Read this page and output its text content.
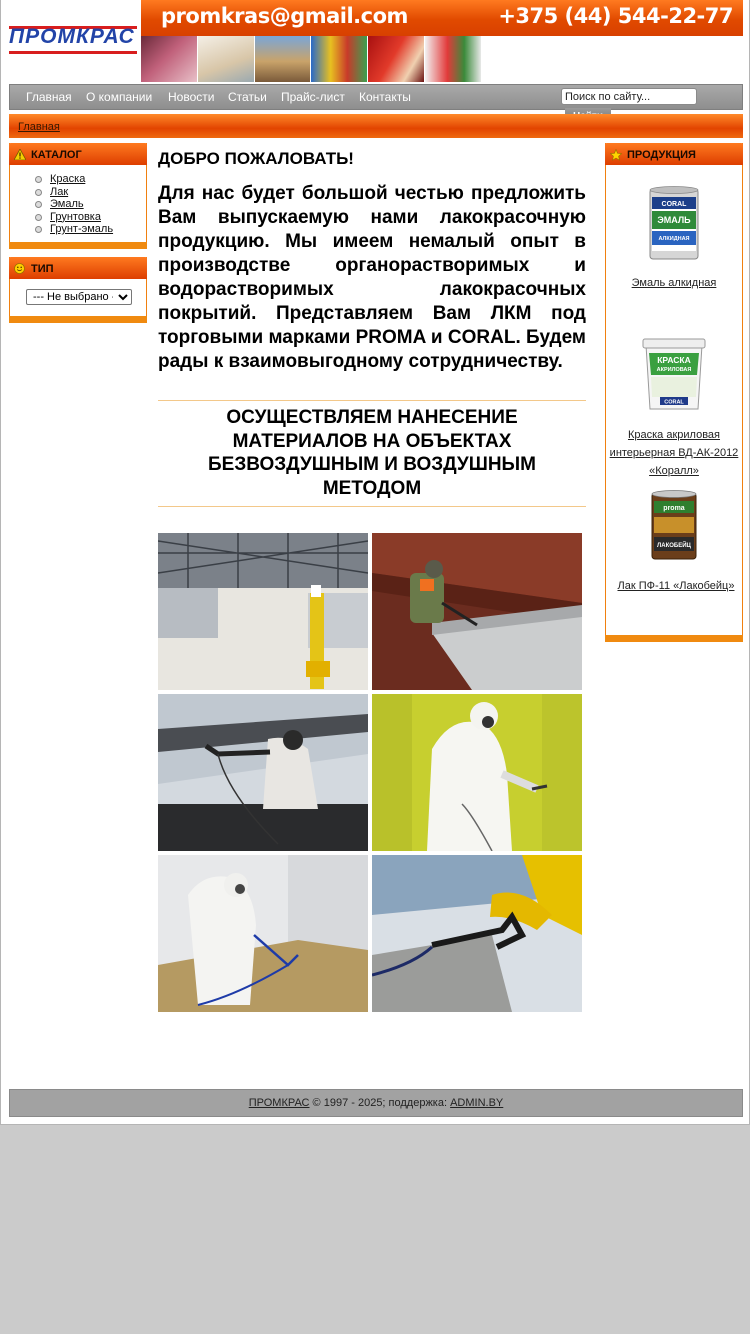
ПРОМКРАС
promkras@gmail.com	+375 (44) 544-22-77
Главная О компании Новости Статьи Прайс-лист Контакты
Поиск по сайту...
Главная
КАТАЛОГ
Краска
Лак
Эмаль
Грунтовка
Грунт-эмаль
ТИП
--- Не выбрано ---
ПРОДУКЦИЯ
CORAL
ЭМАЛЬ
АЛКИДНАЯ
Эмаль алкидная
КРАСКА
АКРИЛОВАЯ
CORAL
Краска акриловая интерьерная ВД-АК-2012 «Коралл»
proma
ЛАКОБЕЙЦ
Лак ПФ-11 «Лакобейц»
ДОБРО ПОЖАЛОВАТЬ!

Для нас будет большой честью предложить Вам выпускаемую нами лакокрасочную продукцию. Мы имеем немалый опыт в производстве органорастворимых и водорастворимых лакокрасочных покрытий. Представляем Вам ЛКМ под торговыми марками PROMA и CORAL. Будем рады к взаимовыгодному сотрудничеству.

ОСУЩЕСТВЛЯЕМ НАНЕСЕНИЕ МАТЕРИАЛОВ НА ОБЪЕКТАХ БЕЗВОЗДУШНЫМ И ВОЗДУШНЫМ МЕТОДОМ

ПРОМКРАС © 1997 - 2025; поддержка: ADMIN.BY
